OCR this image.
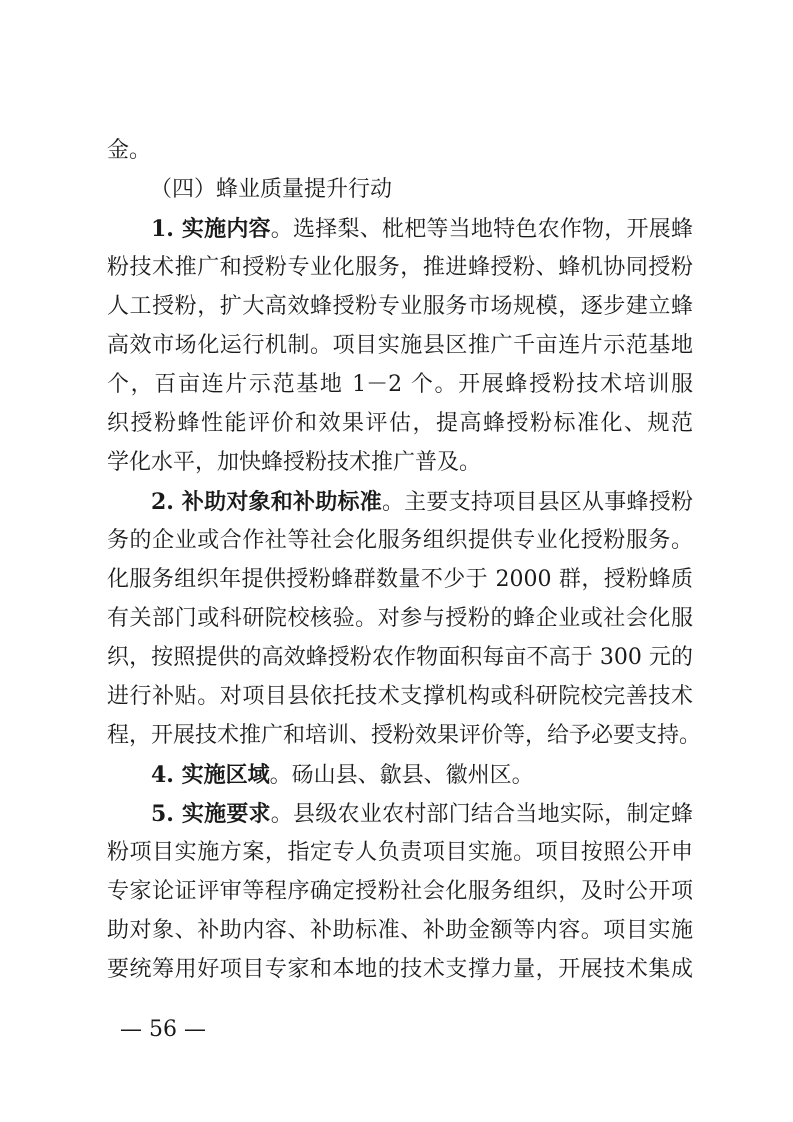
金。
（四）蜂业质量提升行动
1. 实施内容。选择梨、枇杷等当地特色农作物，开展蜂
粉技术推广和授粉专业化服务，推进蜂授粉、蜂机协同授粉
人工授粉，扩大高效蜂授粉专业服务市场规模，逐步建立蜂
高效市场化运行机制。项目实施县区推广千亩连片示范基地
个，百亩连片示范基地 1－2 个。开展蜂授粉技术培训服
织授粉蜂性能评价和效果评估，提高蜂授粉标准化、规范
学化水平，加快蜂授粉技术推广普及。
2. 补助对象和补助标准。主要支持项目县区从事蜂授粉
务的企业或合作社等社会化服务组织提供专业化授粉服务。
化服务组织年提供授粉蜂群数量不少于 2000 群，授粉蜂质
有关部门或科研院校核验。对参与授粉的蜂企业或社会化服
织，按照提供的高效蜂授粉农作物面积每亩不高于 300 元的
进行补贴。对项目县依托技术支撑机构或科研院校完善技术
程，开展技术推广和培训、授粉效果评价等，给予必要支持。
4. 实施区域。砀山县、歙县、徽州区。
5. 实施要求。县级农业农村部门结合当地实际，制定蜂
粉项目实施方案，指定专人负责项目实施。项目按照公开申
专家论证评审等程序确定授粉社会化服务组织，及时公开项
助对象、补助内容、补助标准、补助金额等内容。项目实施
要统筹用好项目专家和本地的技术支撑力量，开展技术集成
— 56 —
